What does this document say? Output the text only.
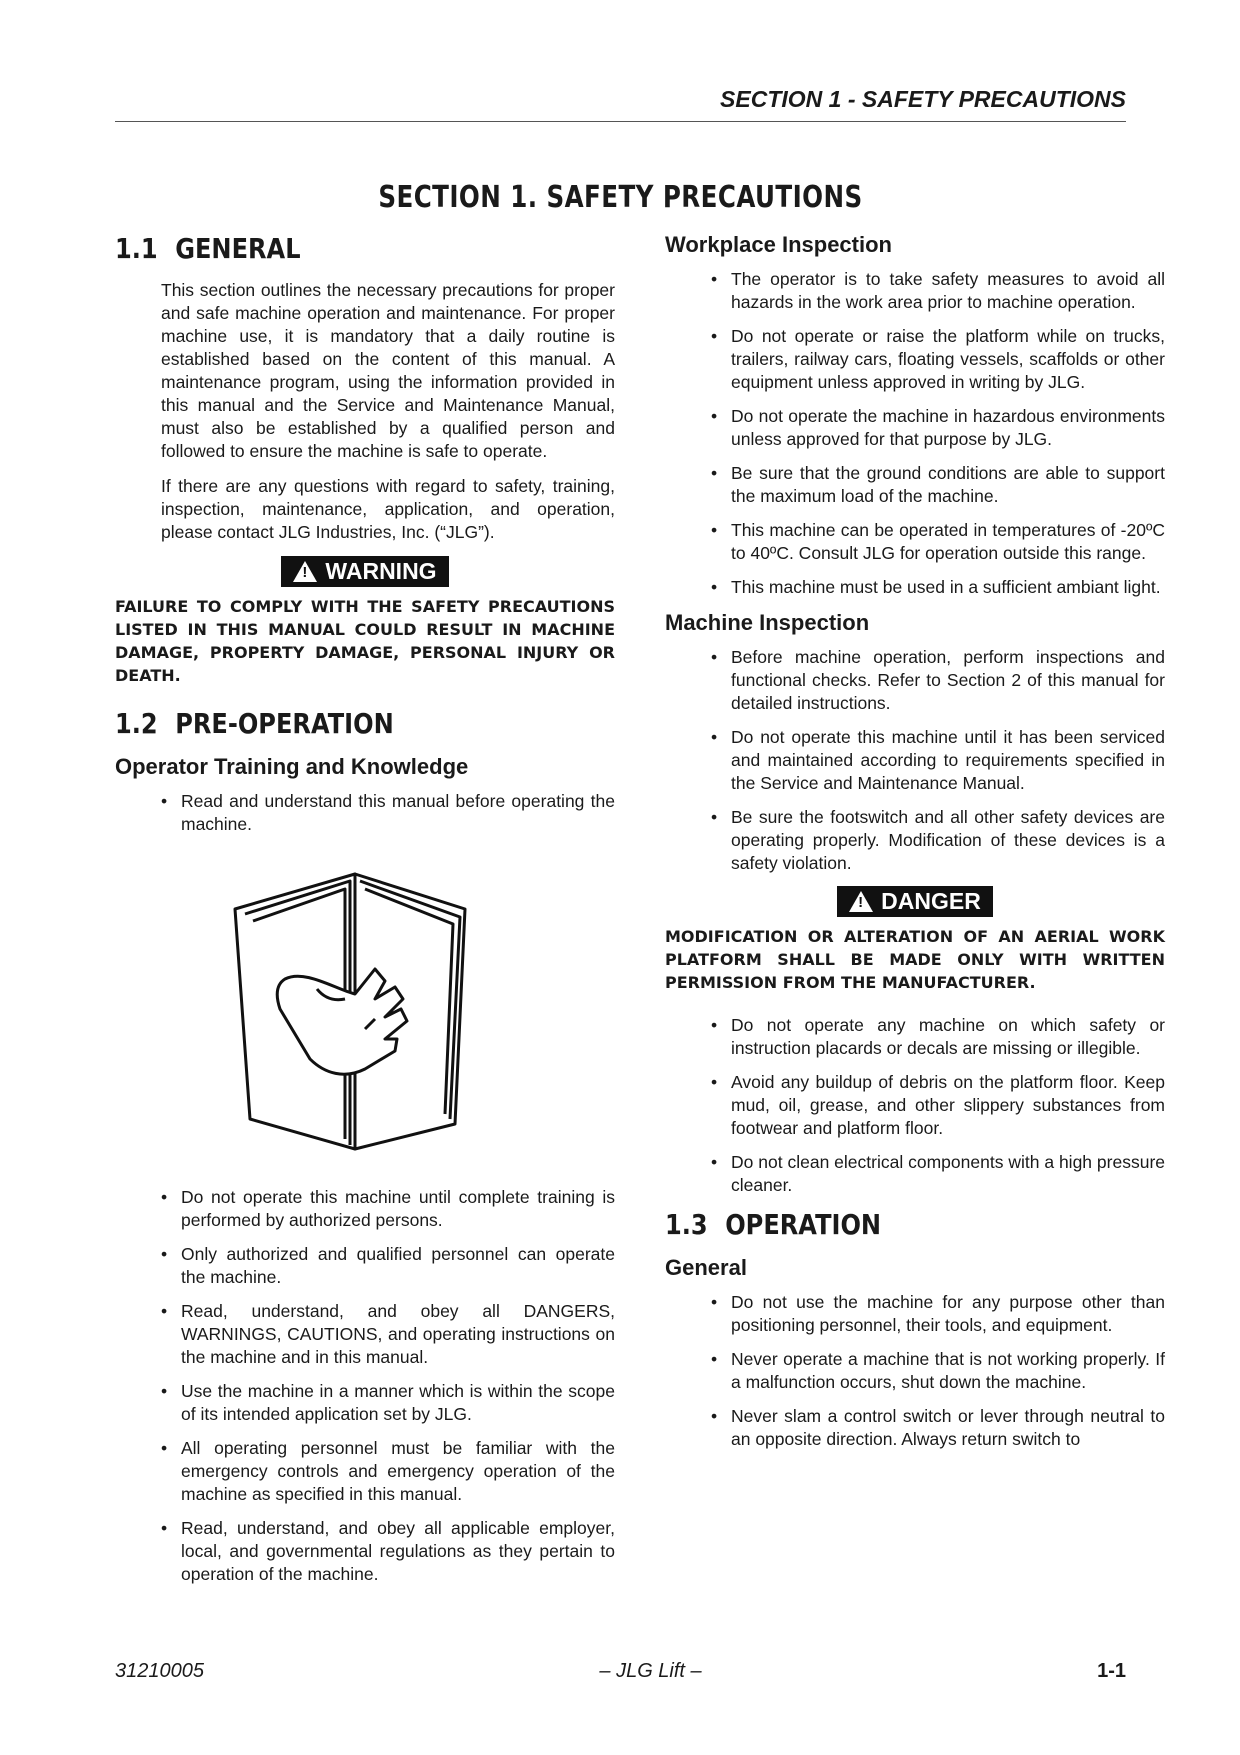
SECTION 1 - SAFETY PRECAUTIONS
SECTION 1. SAFETY PRECAUTIONS
1.1 GENERAL

This section outlines the necessary precautions for proper and safe machine operation and maintenance. For proper machine use, it is mandatory that a daily routine is established based on the content of this manual. A maintenance program, using the information provided in this manual and the Service and Maintenance Manual, must also be established by a qualified person and followed to ensure the machine is safe to operate.

If there are any questions with regard to safety, training, inspection, maintenance, application, and operation, please contact JLG Industries, Inc. (“JLG”).

!
WARNING

FAILURE TO COMPLY WITH THE SAFETY PRECAUTIONS LISTED IN THIS MANUAL COULD RESULT IN MACHINE DAMAGE, PROPERTY DAMAGE, PERSONAL INJURY OR DEATH.

1.2 PRE-OPERATION
Operator Training and Knowledge
• Read and understand this manual before operating the machine.
• Do not operate this machine until complete training is performed by authorized persons.
• Only authorized and qualified personnel can operate the machine.
• Read, understand, and obey all DANGERS, WARNINGS, CAUTIONS, and operating instructions on the machine and in this manual.
• Use the machine in a manner which is within the scope of its intended application set by JLG.
• All operating personnel must be familiar with the emergency controls and emergency operation of the machine as specified in this manual.
• Read, understand, and obey all applicable employer, local, and governmental regulations as they pertain to operation of the machine.
Workplace Inspection
• The operator is to take safety measures to avoid all hazards in the work area prior to machine operation.
• Do not operate or raise the platform while on trucks, trailers, railway cars, floating vessels, scaffolds or other equipment unless approved in writing by JLG.
• Do not operate the machine in hazardous environments unless approved for that purpose by JLG.
• Be sure that the ground conditions are able to support the maximum load of the machine.
• This machine can be operated in temperatures of -20ºC to 40ºC. Consult JLG for operation outside this range.
• This machine must be used in a sufficient ambiant light.
Machine Inspection
• Before machine operation, perform inspections and functional checks. Refer to Section 2 of this manual for detailed instructions.
• Do not operate this machine until it has been serviced and maintained according to requirements specified in the Service and Maintenance Manual.
• Be sure the footswitch and all other safety devices are operating properly. Modification of these devices is a safety violation.
!
DANGER

MODIFICATION OR ALTERATION OF AN AERIAL WORK PLATFORM SHALL BE MADE ONLY WITH WRITTEN PERMISSION FROM THE MANUFACTURER.

• Do not operate any machine on which safety or instruction placards or decals are missing or illegible.
• Avoid any buildup of debris on the platform floor. Keep mud, oil, grease, and other slippery substances from footwear and platform floor.
• Do not clean electrical components with a high pressure cleaner.
1.3 OPERATION
General
• Do not use the machine for any purpose other than positioning personnel, their tools, and equipment.
• Never operate a machine that is not working properly. If a malfunction occurs, shut down the machine.
• Never slam a control switch or lever through neutral to an opposite direction. Always return switch to
31210005	– JLG Lift –	1-1
